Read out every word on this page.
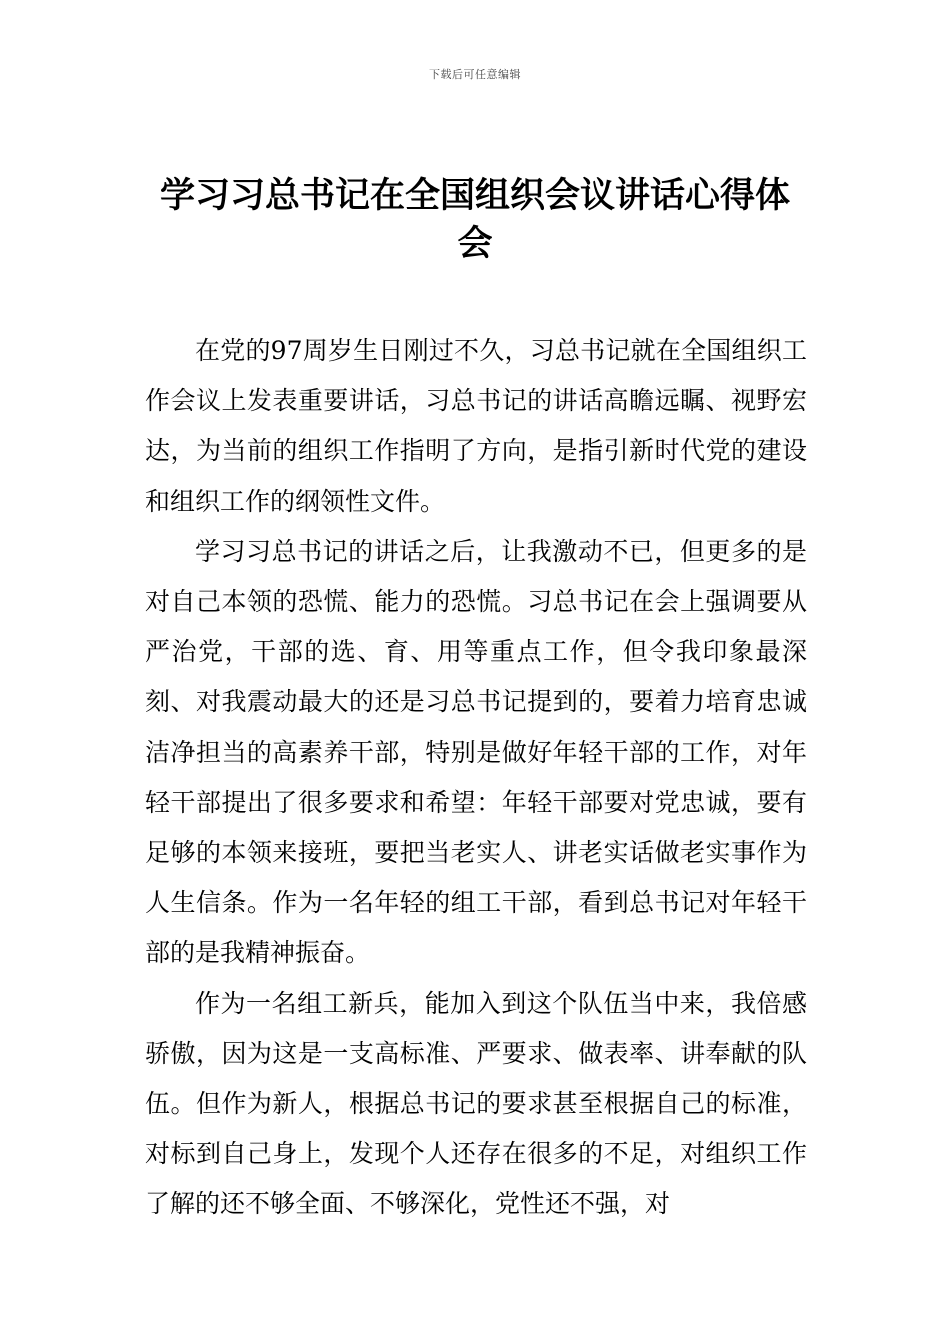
下载后可任意编辑
学习习总书记在全国组织会议讲话心得体会

在党的97周岁生日刚过不久，习总书记就在全国组织工作会议上发表重要讲话，习总书记的讲话高瞻远瞩、视野宏达，为当前的组织工作指明了方向，是指引新时代党的建设和组织工作的纲领性文件。

学习习总书记的讲话之后，让我激动不已，但更多的是对自己本领的恐慌、能力的恐慌。习总书记在会上强调要从严治党，干部的选、育、用等重点工作，但令我印象最深刻、对我震动最大的还是习总书记提到的，要着力培育忠诚洁净担当的高素养干部，特别是做好年轻干部的工作，对年轻干部提出了很多要求和希望：年轻干部要对党忠诚，要有足够的本领来接班，要把当老实人、讲老实话做老实事作为人生信条。作为一名年轻的组工干部，看到总书记对年轻干部的是我精神振奋。

作为一名组工新兵，能加入到这个队伍当中来，我倍感骄傲，因为这是一支高标准、严要求、做表率、讲奉献的队伍。但作为新人，根据总书记的要求甚至根据自己的标准，对标到自己身上，发现个人还存在很多的不足，对组织工作了解的还不够全面、不够深化，党性还不强，对
